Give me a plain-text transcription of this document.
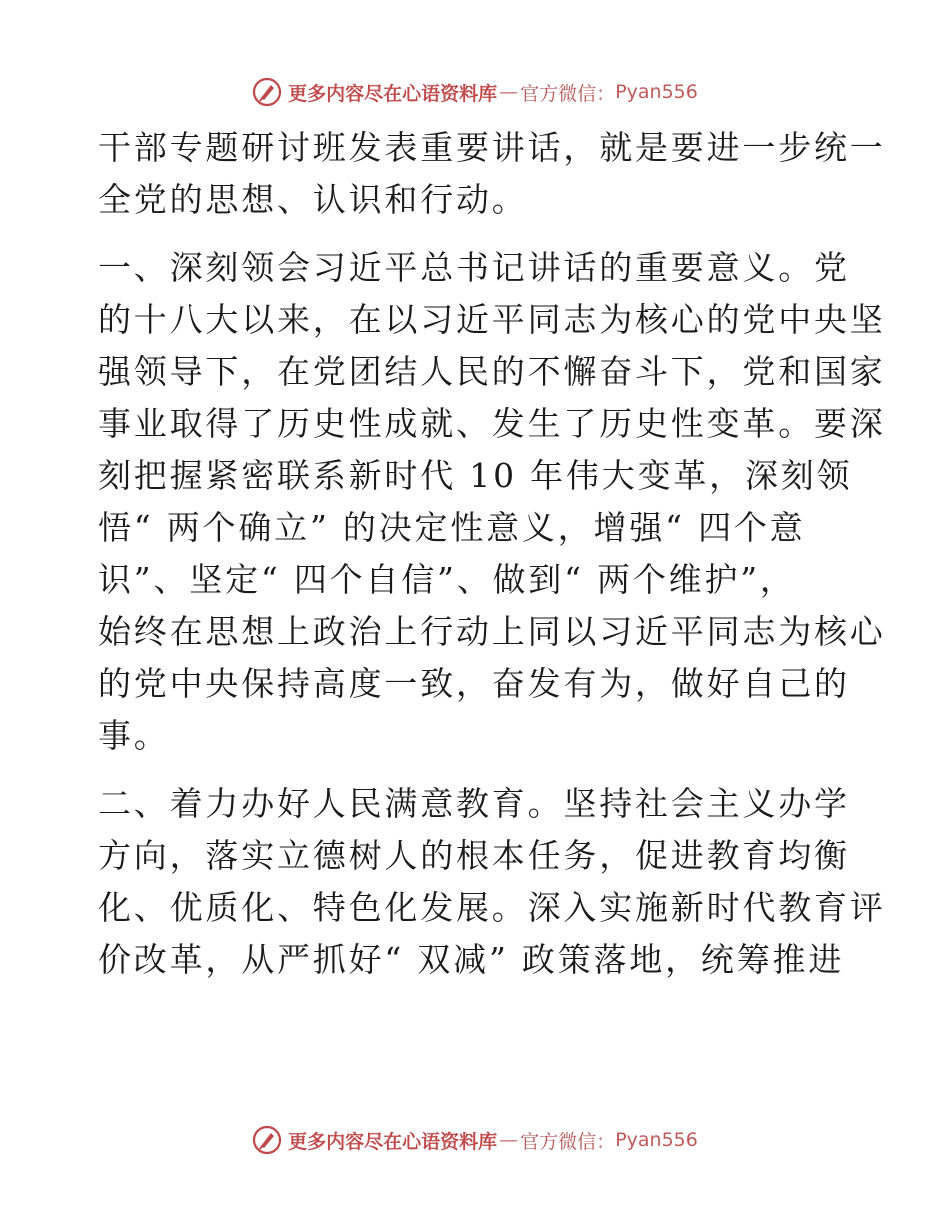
更多内容尽在心语资料库 — 官方微信： Pyan556
干部专题研讨班发表重要讲话，就是要进一步统一
全党的思想、认识和行动。
一、深刻领会习近平总书记讲话的重要意义。党
的十八大以来，在以习近平同志为核心的党中央坚
强领导下，在党团结人民的不懈奋斗下，党和国家
事业取得了历史性成就、发生了历史性变革。要深
刻把握紧密联系新时代 10 年伟大变革，深刻领
悟“ 两个确立” 的决定性意义，增强“ 四个意
识”、坚定“ 四个自信”、做到“ 两个维护”，
始终在思想上政治上行动上同以习近平同志为核心
的党中央保持高度一致，奋发有为，做好自己的
事。
二、着力办好人民满意教育。坚持社会主义办学
方向，落实立德树人的根本任务，促进教育均衡
化、优质化、特色化发展。深入实施新时代教育评
价改革，从严抓好“ 双减” 政策落地，统筹推进
更多内容尽在心语资料库 — 官方微信： Pyan556
